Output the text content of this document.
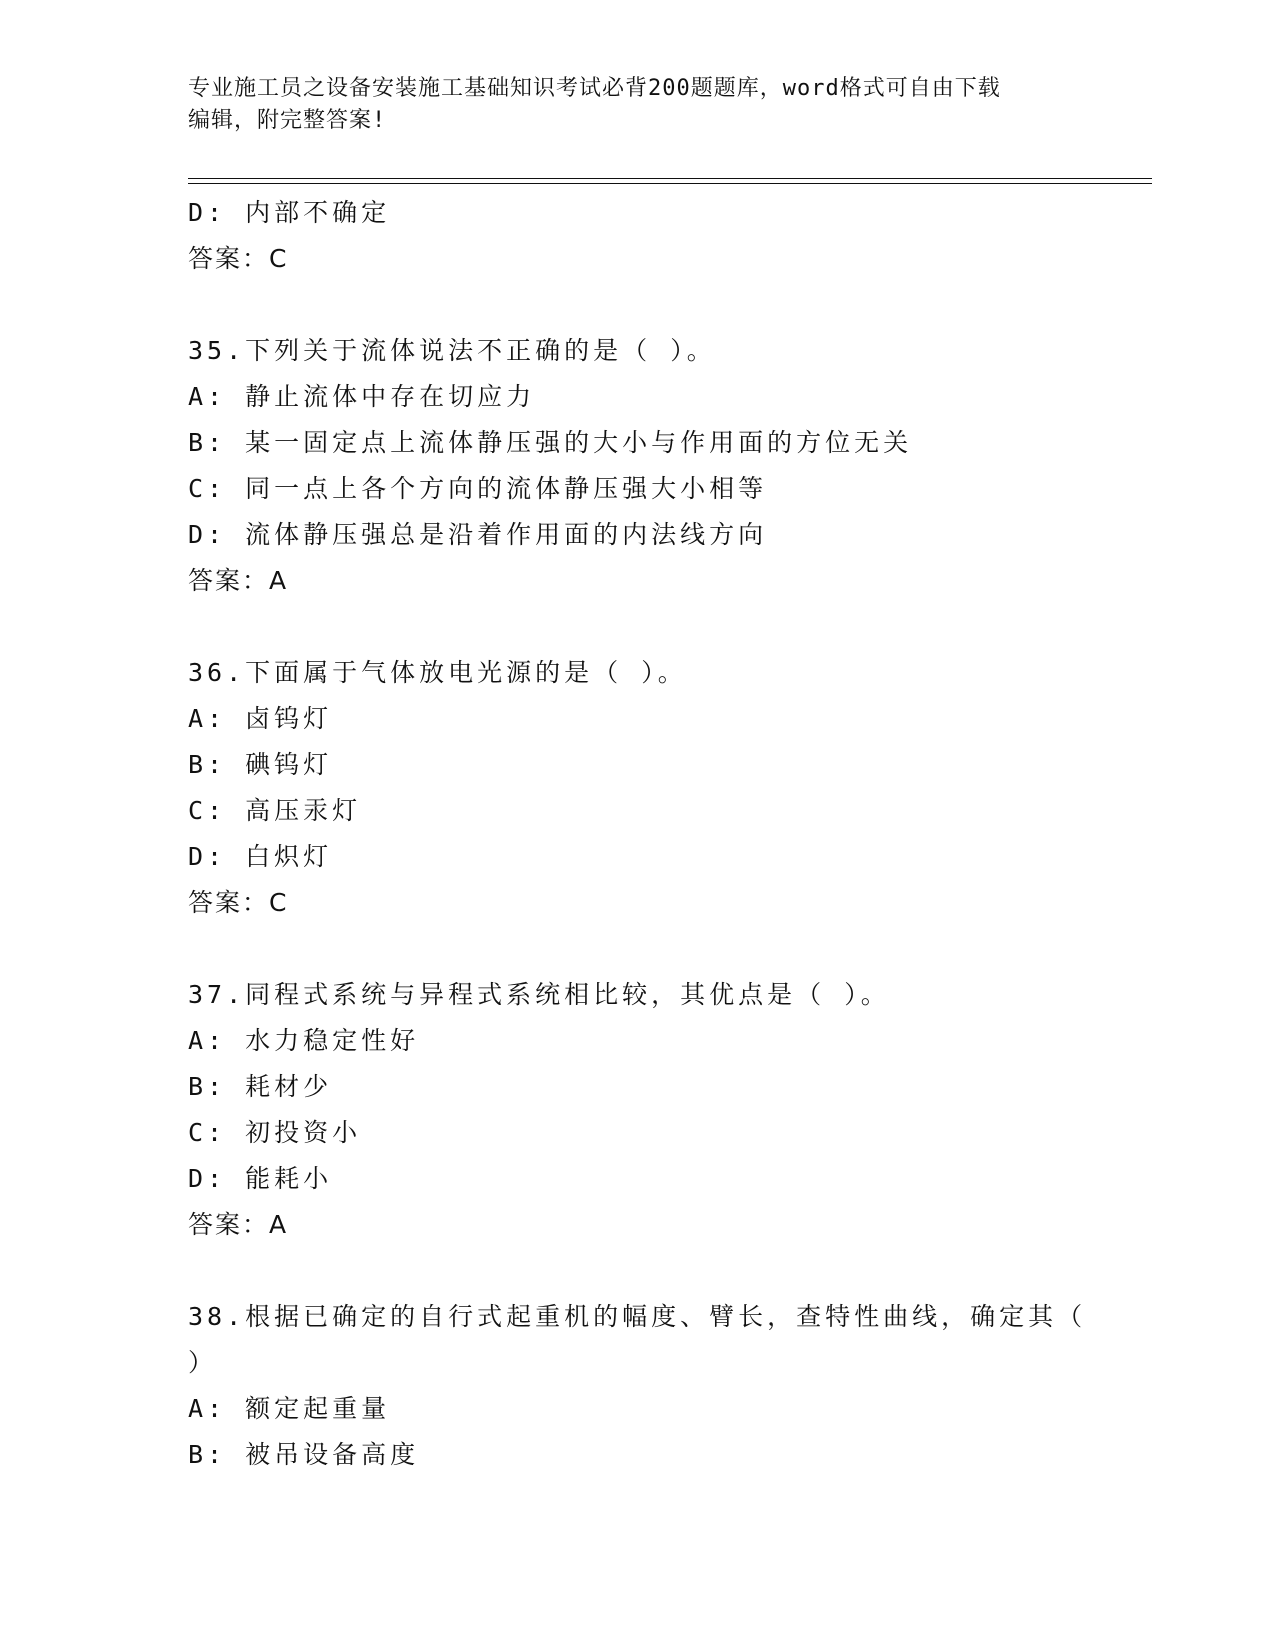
专业施工员之设备安装施工基础知识考试必背200题题库，word格式可自由下载
编辑，附完整答案!
D: 内部不确定
答案：C
35.下列关于流体说法不正确的是（ ）。
A: 静止流体中存在切应力
B: 某一固定点上流体静压强的大小与作用面的方位无关
C: 同一点上各个方向的流体静压强大小相等
D: 流体静压强总是沿着作用面的内法线方向
答案：A
36.下面属于气体放电光源的是（ ）。
A: 卤钨灯
B: 碘钨灯
C: 高压汞灯
D: 白炽灯
答案：C
37.同程式系统与异程式系统相比较，其优点是（ ）。
A: 水力稳定性好
B: 耗材少
C: 初投资小
D: 能耗小
答案：A
38.根据已确定的自行式起重机的幅度、臂长，查特性曲线，确定其（
）
A: 额定起重量
B: 被吊设备高度
